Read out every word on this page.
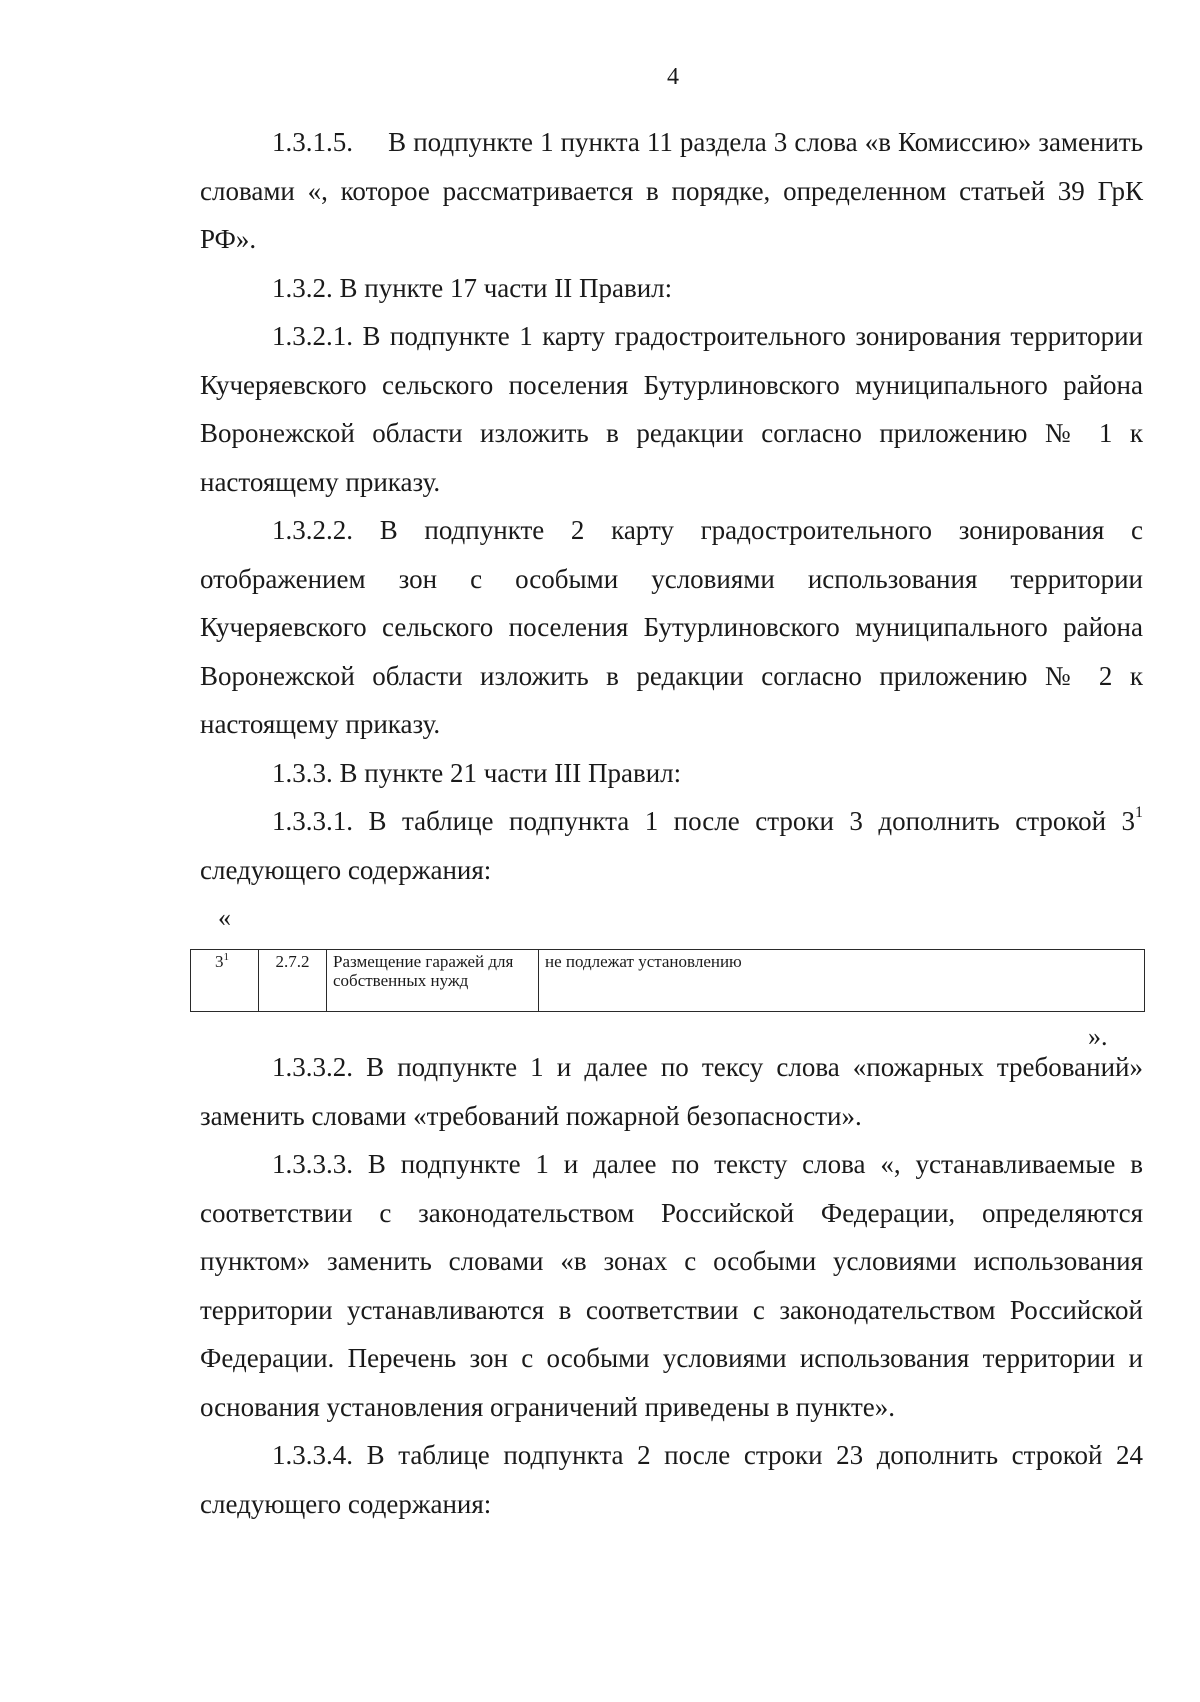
4

1.3.1.5. В подпункте 1 пункта 11 раздела 3 слова «в Комиссию» заменить словами «, которое рассматривается в порядке, определенном статьей 39 ГрК РФ».

1.3.2. В пункте 17 части II Правил:

1.3.2.1. В подпункте 1 карту градостроительного зонирования территории Кучеряевского сельского поселения Бутурлиновского муниципального района Воронежской области изложить в редакции согласно приложению № 1 к настоящему приказу.

1.3.2.2. В подпункте 2 карту градостроительного зонирования с отображением зон с особыми условиями использования территории Кучеряевского сельского поселения Бутурлиновского муниципального района Воронежской области изложить в редакции согласно приложению № 2 к настоящему приказу.

1.3.3. В пункте 21 части III Правил:

1.3.3.1. В таблице подпункта 1 после строки 3 дополнить строкой $3^1$ следующего содержания:

«
$3^1$	2.7.2	Размещение гаражей для собственных нужд	не подлежат установлению
».

1.3.3.2. В подпункте 1 и далее по тексу слова «пожарных требований» заменить словами «требований пожарной безопасности».

1.3.3.3. В подпункте 1 и далее по тексту слова «, устанавливаемые в соответствии с законодательством Российской Федерации, определяются пунктом» заменить словами «в зонах с особыми условиями использования территории устанавливаются в соответствии с законодательством Российской Федерации. Перечень зон с особыми условиями использования территории и основания установления ограничений приведены в пункте».

1.3.3.4. В таблице подпункта 2 после строки 23 дополнить строкой 24 следующего содержания:
